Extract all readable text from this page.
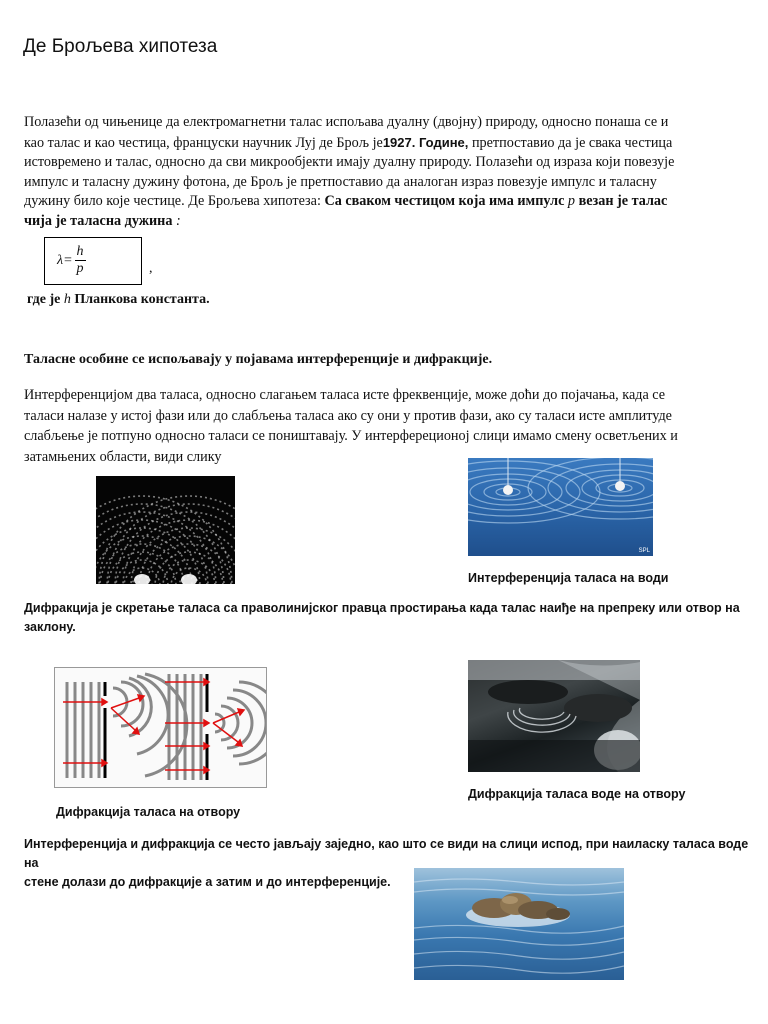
Де Брољева хипотеза
Полазећи од чињенице да електромагнетни талас испољава дуалну (двојну) природу, односно понаша се и
као талас и као честица, француски научник Луј де Брољ је1927. Године, претпоставио да је свака честица
истовремено и талас, односно да сви микрообјекти имају дуалну природу. Полазећи од израза који повезује
импулс и таласну дужину фотона, де Брољ је претпоставио да аналоган израз повезује импулс и таласну
дужину било које честице. Де Брољева хипотеза: Са сваком честицом која има импулс p везан је талас
чија је таласна дужина :
$\lambda= \frac{h}{p}$	,
где је h Планкова константа.
Таласне особине се испољавају у појавама интерференције и дифракције.
Интерференцијом два таласа, односно слагањем таласа исте фреквенције, може доћи до појачања, када се
таласи налазе у истој фази или до слабљења таласа ако су они у против фази, ако су таласи исте амплитуде
слабљење је потпуно односно таласи се поништавају. У интерфереционој слици имамо смену осветљених и
затамњених области, види слику
SPL
Интерференција таласа на води
Дифракција је скретање таласа са праволинијског правца простирања када талас наиђе на препреку или отвор на
заклону.
Дифракција таласа на отвору
Дифракција таласа воде на отвору
Интерференција и дифракција се често јављају заједно, као што се види на слици испод, при наиласку таласа воде на
стене долази до дифракције а затим и до интерференције.
